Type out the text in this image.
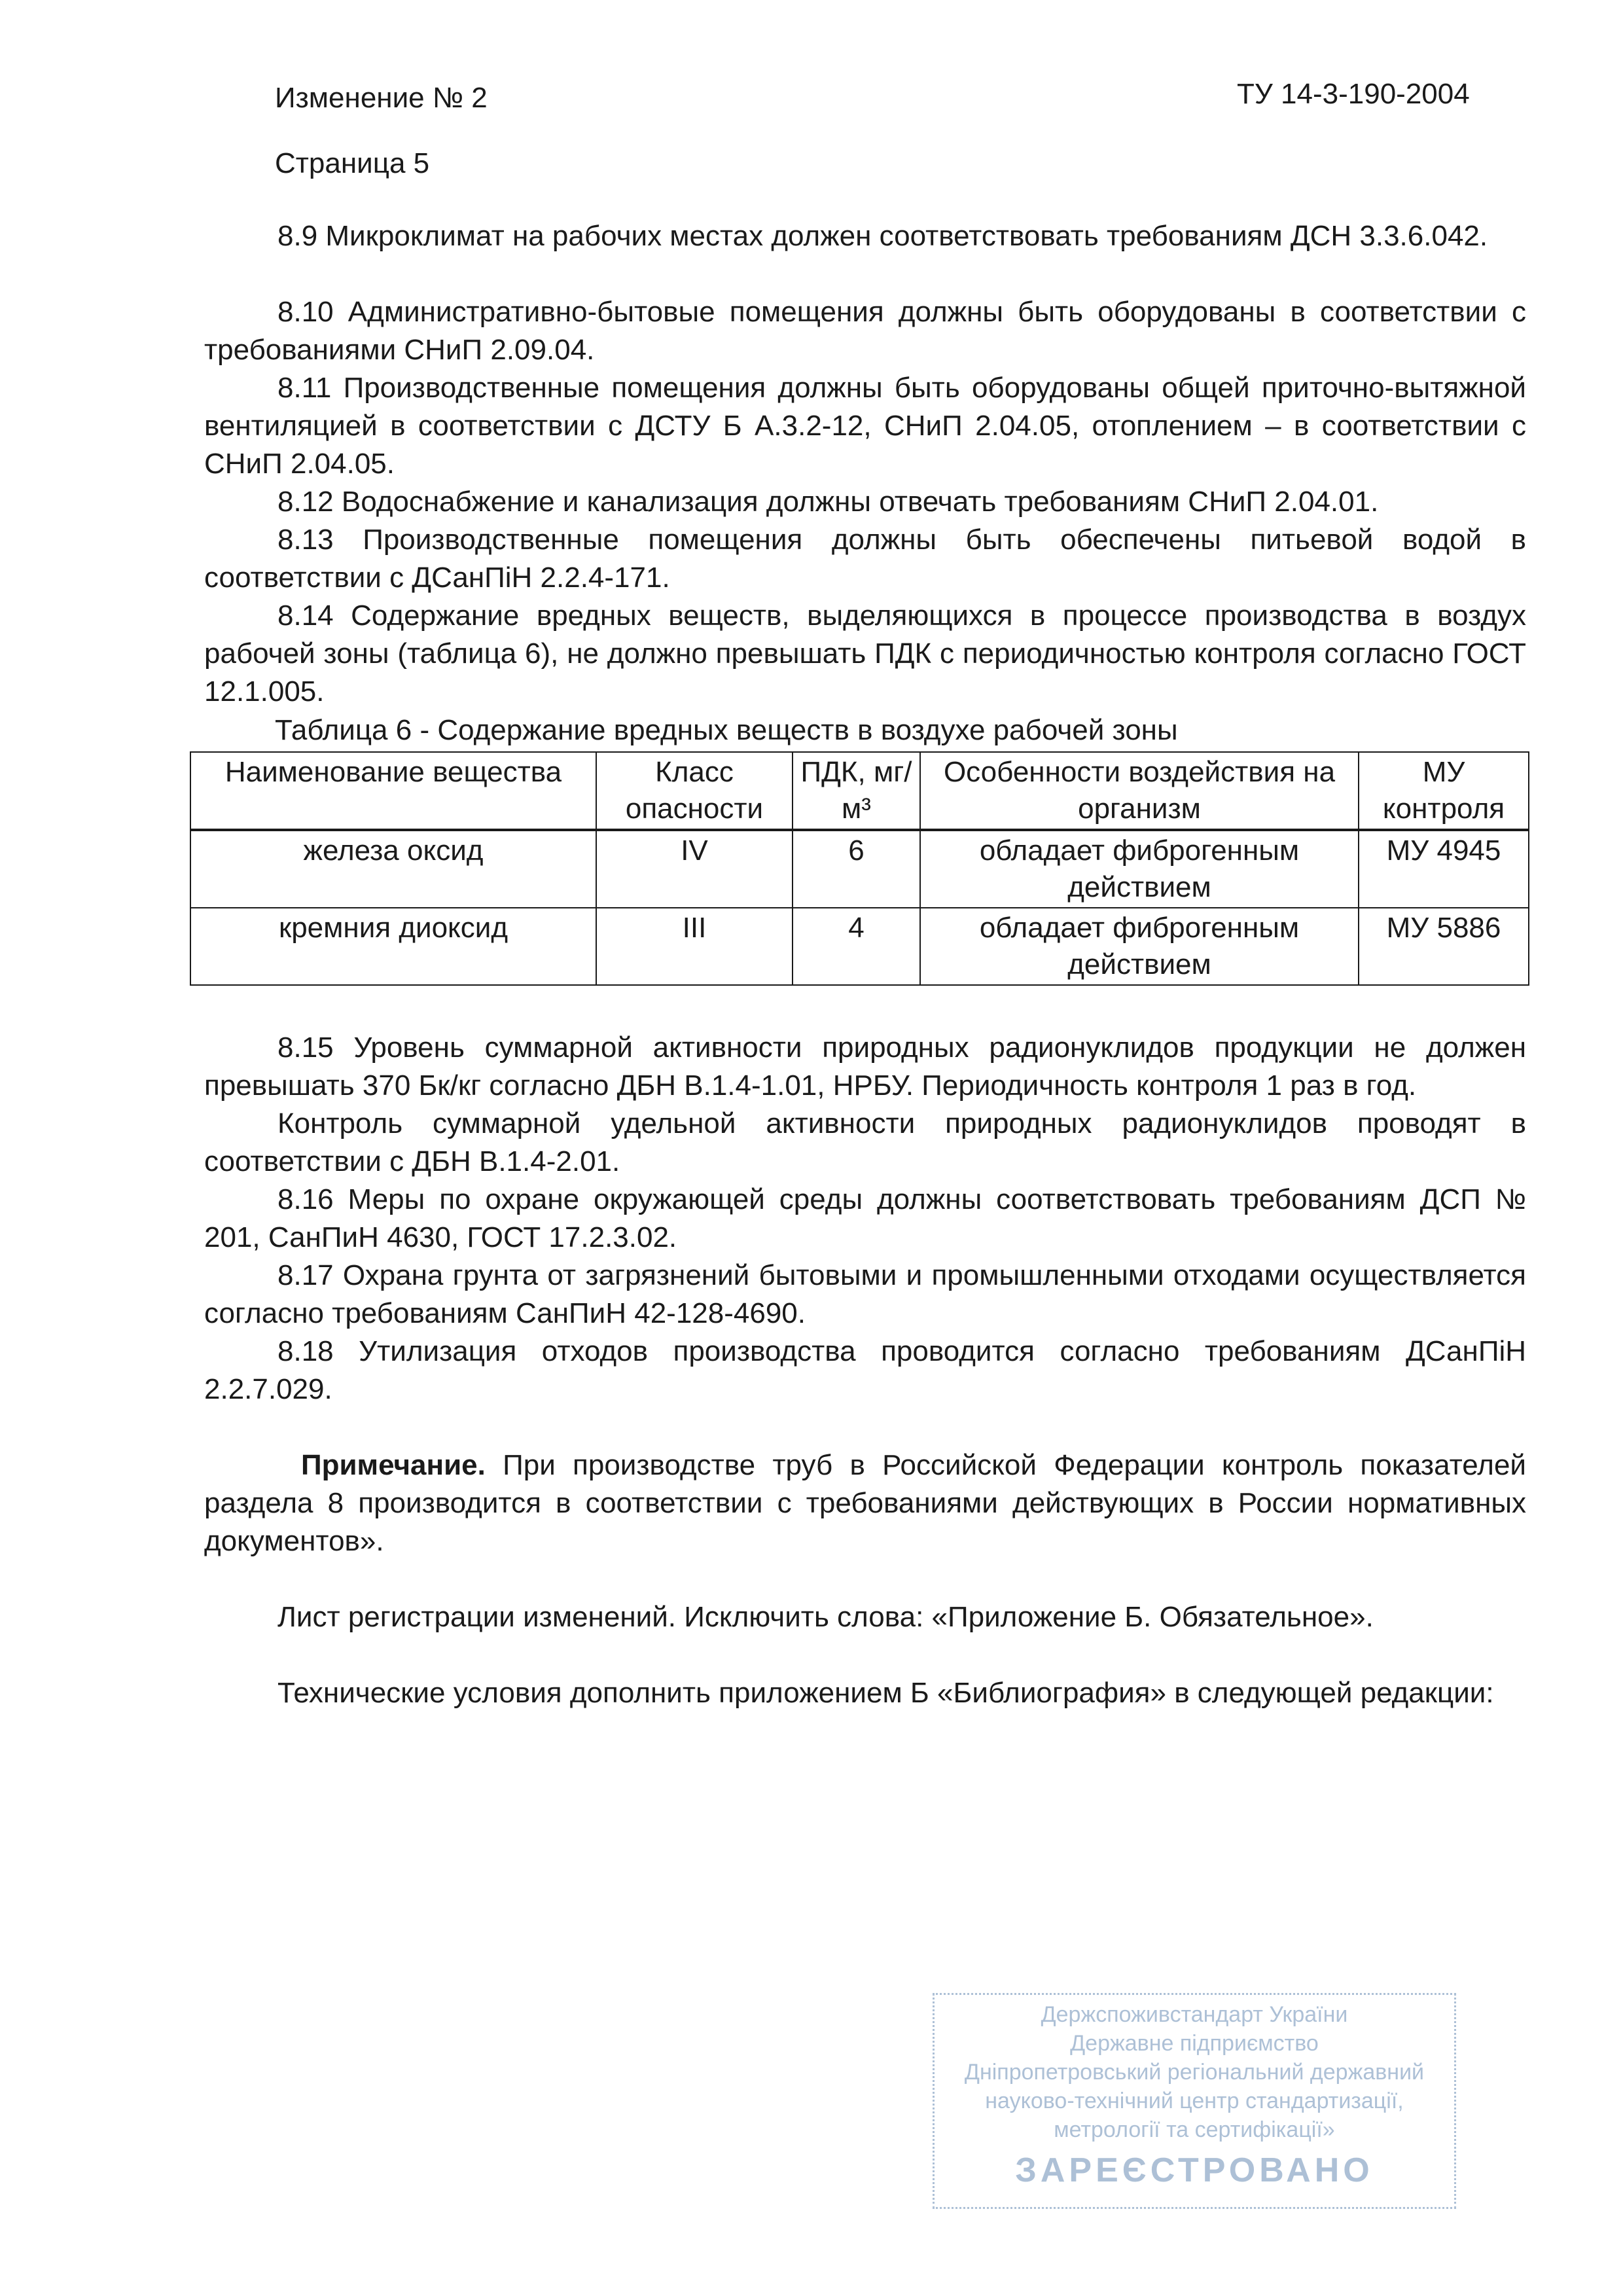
Изменение № 2	ТУ 14-3-190-2004
Страница 5
8.9 Микроклимат на рабочих местах должен соответствовать требованиям ДСН 3.3.6.042.
8.10 Административно-бытовые помещения должны быть оборудованы в соответствии с требованиями СНиП 2.09.04.
8.11 Производственные помещения должны быть оборудованы общей приточно-вытяжной вентиляцией в соответствии с ДСТУ Б А.3.2-12, СНиП 2.04.05, отоплением – в соответствии с СНиП 2.04.05.
8.12 Водоснабжение и канализация должны отвечать требованиям СНиП 2.04.01.
8.13 Производственные помещения должны быть обеспечены питьевой водой в соответствии с ДСанПіН 2.2.4-171.
8.14 Содержание вредных веществ, выделяющихся в процессе производства в воздух рабочей зоны (таблица 6), не должно превышать ПДК с периодичностью контроля согласно ГОСТ 12.1.005.
Таблица 6 - Содержание вредных веществ в воздухе рабочей зоны
Наименование вещества	Класс опасности	ПДК, мг/м³	Особенности воздействия на организм	МУ контроля
железа оксид	IV	6	обладает фиброгенным действием	МУ 4945
кремния диоксид	III	4	обладает фиброгенным действием	МУ 5886
8.15 Уровень суммарной активности природных радионуклидов продукции не должен превышать 370 Бк/кг согласно ДБН В.1.4-1.01, НРБУ. Периодичность контроля 1 раз в год.
Контроль суммарной удельной активности природных радионуклидов проводят в соответствии с ДБН В.1.4-2.01.
8.16 Меры по охране окружающей среды должны соответствовать требованиям ДСП № 201, СанПиН 4630, ГОСТ 17.2.3.02.
8.17 Охрана грунта от загрязнений бытовыми и промышленными отходами осуществляется согласно требованиям СанПиН 42-128-4690.
8.18 Утилизация отходов производства проводится согласно требованиям ДСанПіН 2.2.7.029.
Примечание. При производстве труб в Российской Федерации контроль показателей раздела 8 производится в соответствии с требованиями действующих в России нормативных документов».
Лист регистрации изменений. Исключить слова: «Приложение Б. Обязательное».
Технические условия дополнить приложением Б «Библиография» в следующей редакции:
Держспоживстандарт України
Державне підприємство
Дніпропетровський регіональний державний
науково-технічний центр стандартизації,
метрології та сертифікації»
ЗАРЕЄСТРОВАНО
